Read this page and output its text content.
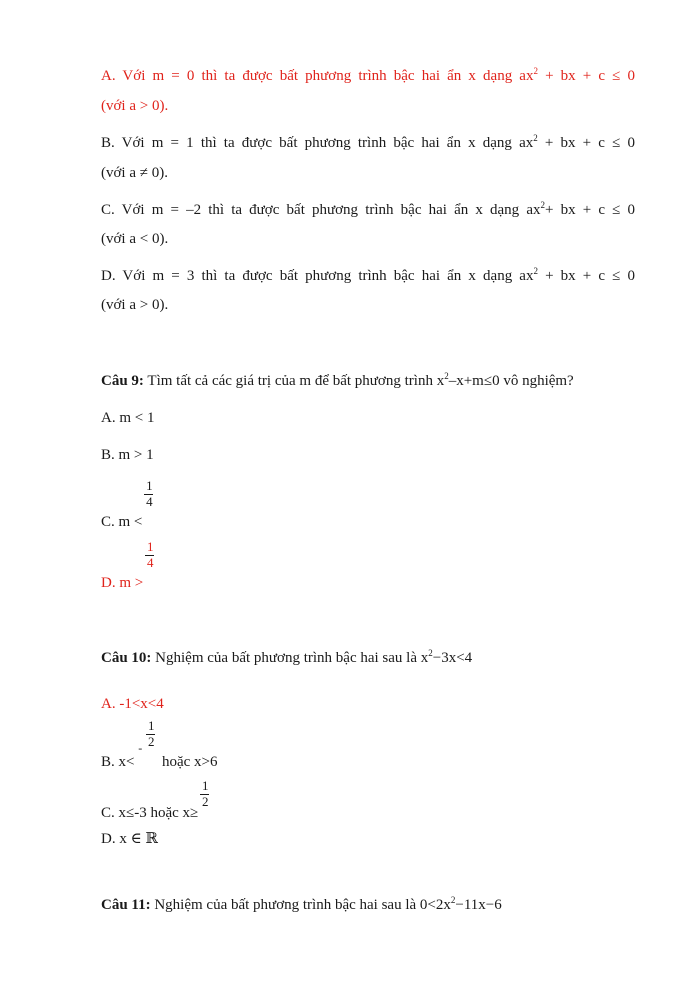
A. Với m = 0 thì ta được bất phương trình bậc hai ẩn x dạng $ax^2$ + bx + c ≤ 0
(với a > 0).
B. Với m = 1 thì ta được bất phương trình bậc hai ẩn x dạng $ax^2$ + bx + c ≤ 0
(với a ≠ 0).
C. Với m = –2 thì ta được bất phương trình bậc hai ẩn x dạng $ax^2+$ bx + c ≤ 0
(với a < 0).
D. Với m = 3 thì ta được bất phương trình bậc hai ẩn x dạng $ax^2$ + bx + c ≤ 0
(với a > 0).
Câu 9: Tìm tất cả các giá trị của m để bất phương trình $x^2-x+m\le 0$ vô nghiệm?
A. m < 1
B. m > 1
C. $m < \frac{1}{4}$
D. $m > \frac{1}{4}$
Câu 10: Nghiệm của bất phương trình bậc hai sau là $x^2-3x<4$
A. -1<x<4
B. $x< ^- \frac{1}{2}$ hoặc x>6
C. x≤-3 hoặc $x\ge \frac{1}{2}$
D. x ∈ ℝ
Câu 11: Nghiệm của bất phương trình bậc hai sau là $0<2x^2-11x-6$
